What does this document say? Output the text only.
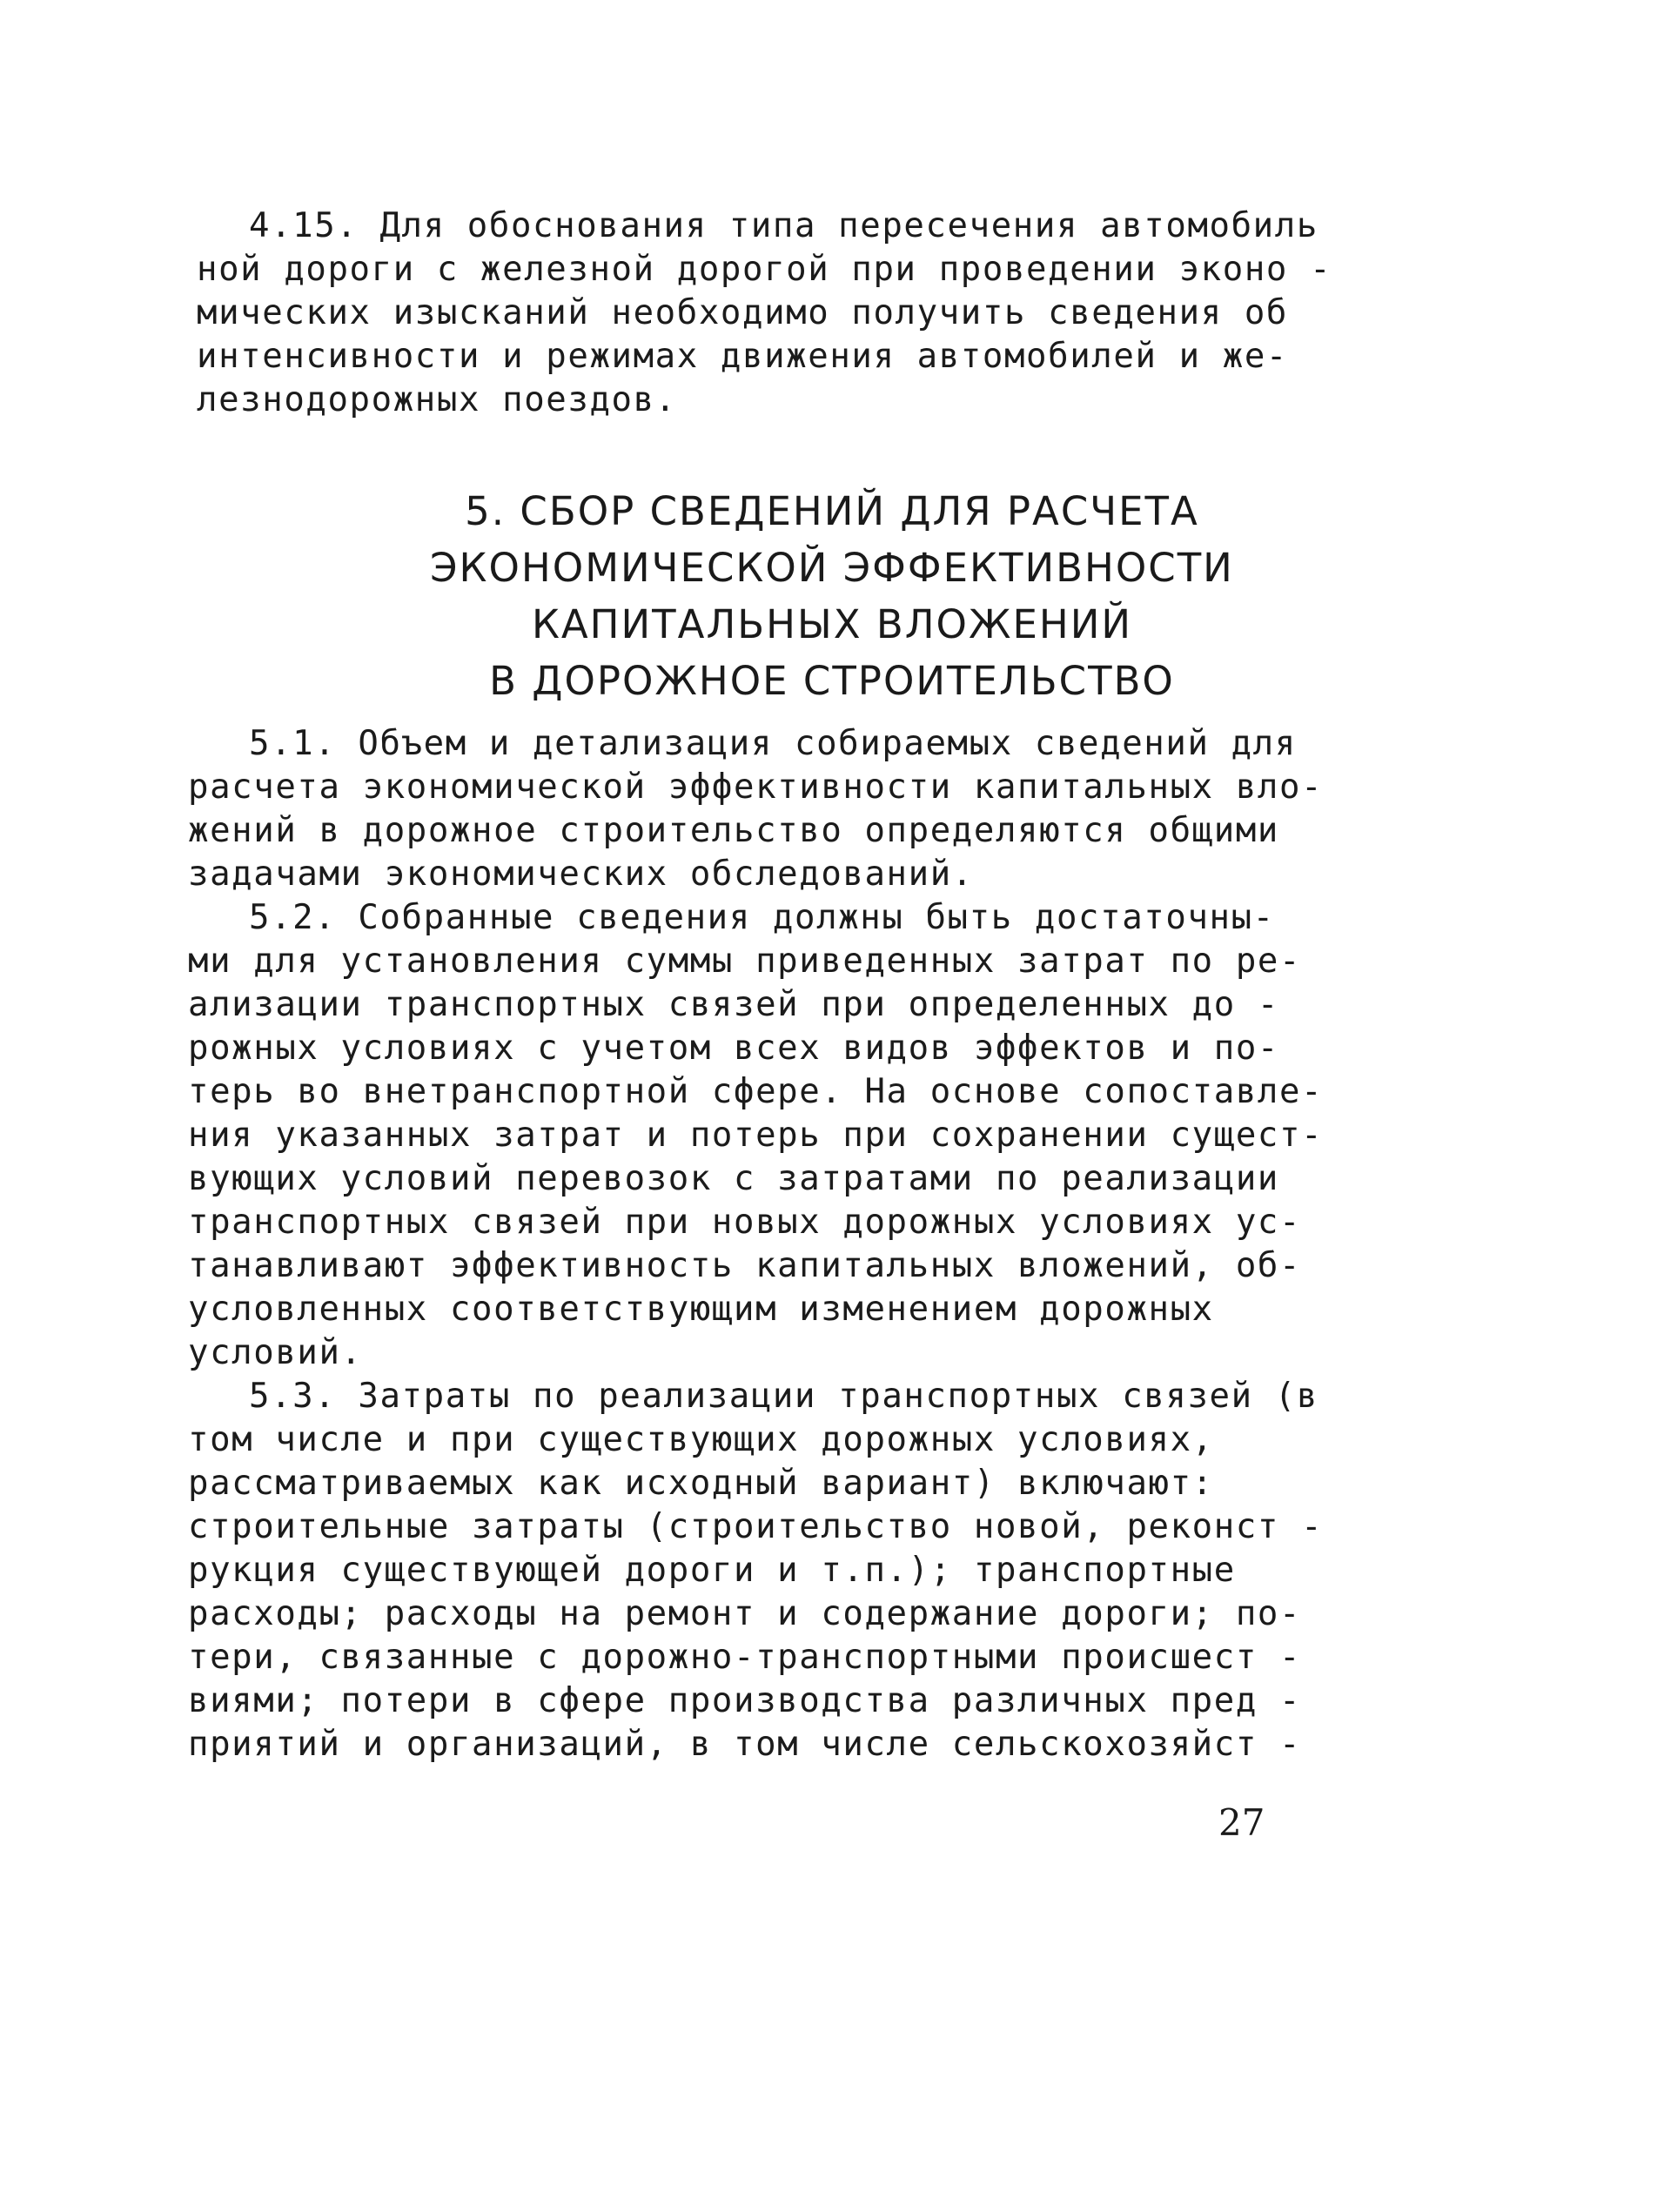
4.15. Для обоснования типа пересечения автомобиль
ной дороги с железной дорогой при проведении эконо -
мических изысканий необходимо получить сведения об
интенсивности и режимах движения автомобилей и же-
лезнодорожных поездов.
5. СБОР СВЕДЕНИЙ ДЛЯ РАСЧЕТА
ЭКОНОМИЧЕСКОЙ ЭФФЕКТИВНОСТИ
КАПИТАЛЬНЫХ ВЛОЖЕНИЙ
В ДОРОЖНОЕ СТРОИТЕЛЬСТВО
5.1. Объем и детализация собираемых сведений для
расчета экономической эффективности капитальных вло-
жений в дорожное строительство определяются общими
задачами экономических обследований.
5.2. Собранные сведения должны быть достаточны-
ми для установления суммы приведенных затрат по ре-
ализации транспортных связей при определенных до -
рожных условиях с учетом всех видов эффектов и по-
терь во внетранспортной сфере. На основе сопоставле-
ния указанных затрат и потерь при сохранении сущест-
вующих условий перевозок с затратами по реализации
транспортных связей при новых дорожных условиях ус-
танавливают эффективность капитальных вложений, об-
условленных соответствующим изменением дорожных
условий.
5.3. Затраты по реализации транспортных связей (в
том числе и при существующих дорожных условиях,
рассматриваемых как исходный вариант) включают:
строительные затраты (строительство новой, реконст -
рукция существующей дороги и т.п.); транспортные
расходы; расходы на ремонт и содержание дороги; по-
тери, связанные с дорожно-транспортными происшест -
виями; потери в сфере производства различных пред -
приятий и организаций, в том числе сельскохозяйст -
27
